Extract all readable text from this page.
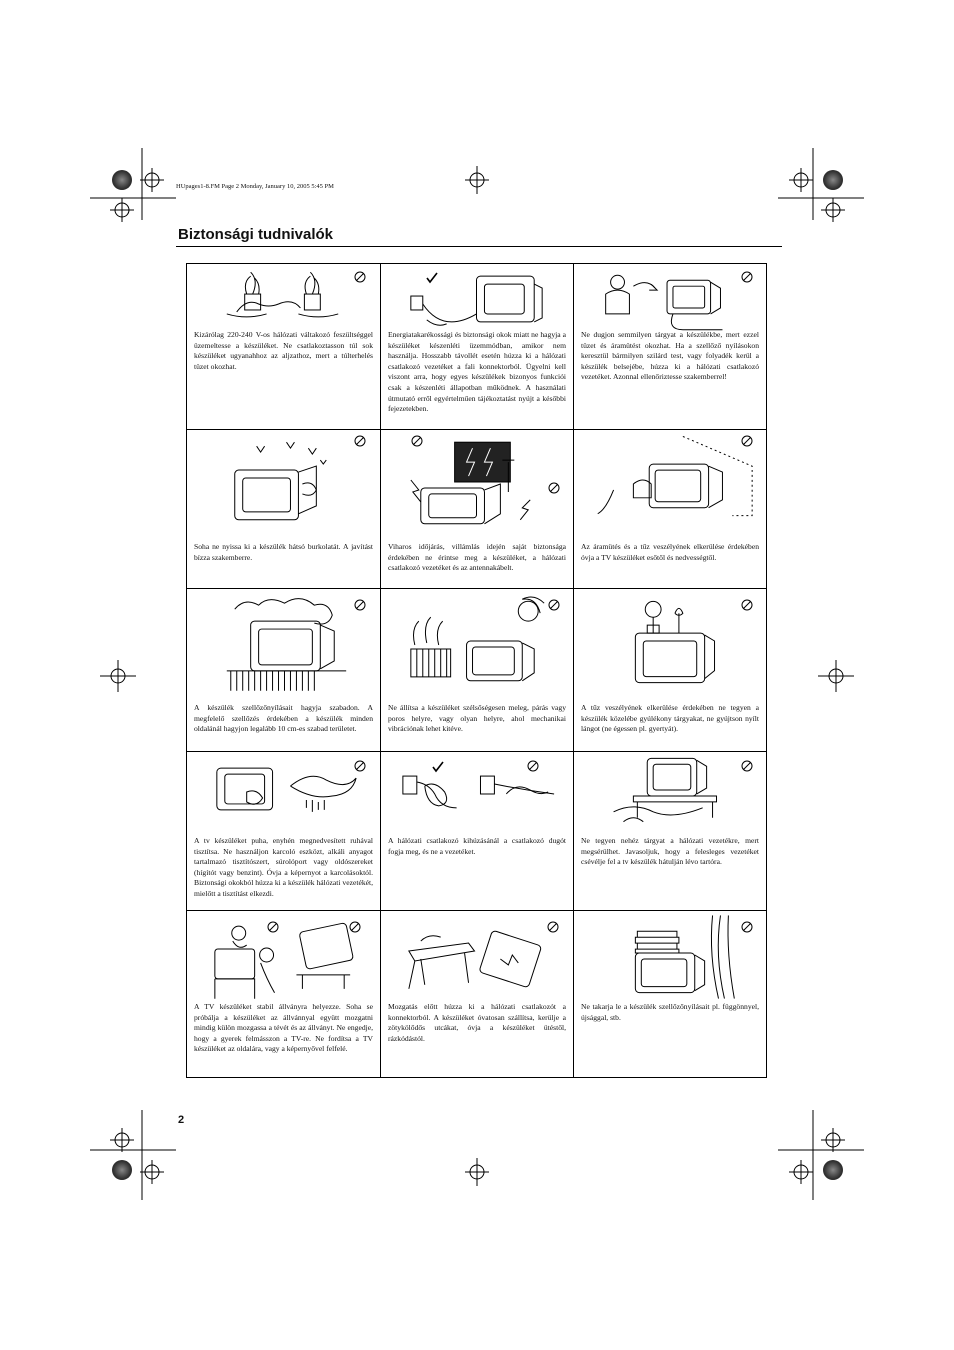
HUpages1-8.FM Page 2 Monday, January 10, 2005 5:45 PM
Biztonsági tudnivalók
Kizárólag 220-240 V-os hálózati váltakozó feszültséggel üzemeltesse a készüléket. Ne csatlakoztasson túl sok készüléket ugyanahhoz az aljzathoz, mert a túlterhelés tüzet okozhat.
Energiatakarékossági és biztonsági okok miatt ne hagyja a készüléket készenléti üzemmódban, amikor nem használja. Hosszabb távollét esetén húzza ki a hálózati csatlakozó vezetéket a fali konnektorból. Ügyelni kell viszont arra, hogy egyes készülékek bizonyos funkciói csak a készenléti állapotban működnek. A használati útmutató erről egyértelműen tájékoztatást nyújt a későbbi fejezetekben.
Ne dugjon semmilyen tárgyat a készülékbe, mert ezzel tüzet és áramütést okozhat. Ha a szellőző nyílásokon keresztül bármilyen szilárd test, vagy folyadék kerül a készülék belsejébe, húzza ki a hálózati csatlakozó vezetéket. Azonnal ellenőriztesse szakemberrel!
Soha ne nyissa ki a készülék hátsó burkolatát. A javítást bízza szakemberre.
Viharos időjárás, villámlás idején saját biztonsága érdekében ne érintse meg a készüléket, a hálózati csatlakozó vezetéket és az antennakábelt.
Az áramütés és a tűz veszélyének elkerülése érdekében óvja a TV készüléket esőtől és nedvességtől.
A készülék szellőzőnyílásait hagyja szabadon. A megfelelő szellőzés érdekében a készülék minden oldalánál hagyjon legalább 10 cm-es szabad területet.
Ne állítsa a készüléket szélsőségesen meleg, párás vagy poros helyre, vagy olyan helyre, ahol mechanikai vibrációnak lehet kitéve.
A tűz veszélyének elkerülése érdekében ne tegyen a készülék közelébe gyúlékony tárgyakat, ne gyújtson nyílt lángot (ne égessen pl. gyertyát).
A tv készüléket puha, enyhén megnedvesített ruhával tisztítsa. Ne használjon karcoló eszközt, alkáli anyagot tartalmazó tisztítószert, súrolóport vagy oldószereket (hígítót vagy benzint). Óvja a képernyot a karcolásoktól. Biztonsági okokból húzza ki a készülék hálózati vezetékét, mielőtt a tisztítást elkezdi.
A hálózati csatlakozó kihúzásánál a csatlakozó dugót fogja meg, és ne a vezetéket.
Ne tegyen nehéz tárgyat a hálózati vezetékre, mert megsérülhet. Javasoljuk, hogy a felesleges vezetéket csévélje fel a tv készülék hátulján lévo tartóra.
A TV készüléket stabil állványra helyezze. Soha se próbálja a készüléket az állvánnyal együtt mozgatni mindig külön mozgassa a tévét és az állványt. Ne engedje, hogy a gyerek felmásszon a TV-re. Ne fordítsa a TV készüléket az oldalára, vagy a képernyővel felfelé.
Mozgatás előtt húzza ki a hálózati csatlakozót a konnektorból. A készüléket óvatosan szállítsa, kerülje a zötykölődős utcákat, óvja a készüléket ütéstől, rázkódástól.
Ne takarja le a készülék szellőzőnyílásait pl. függönnyel, újsággal, stb.
2
